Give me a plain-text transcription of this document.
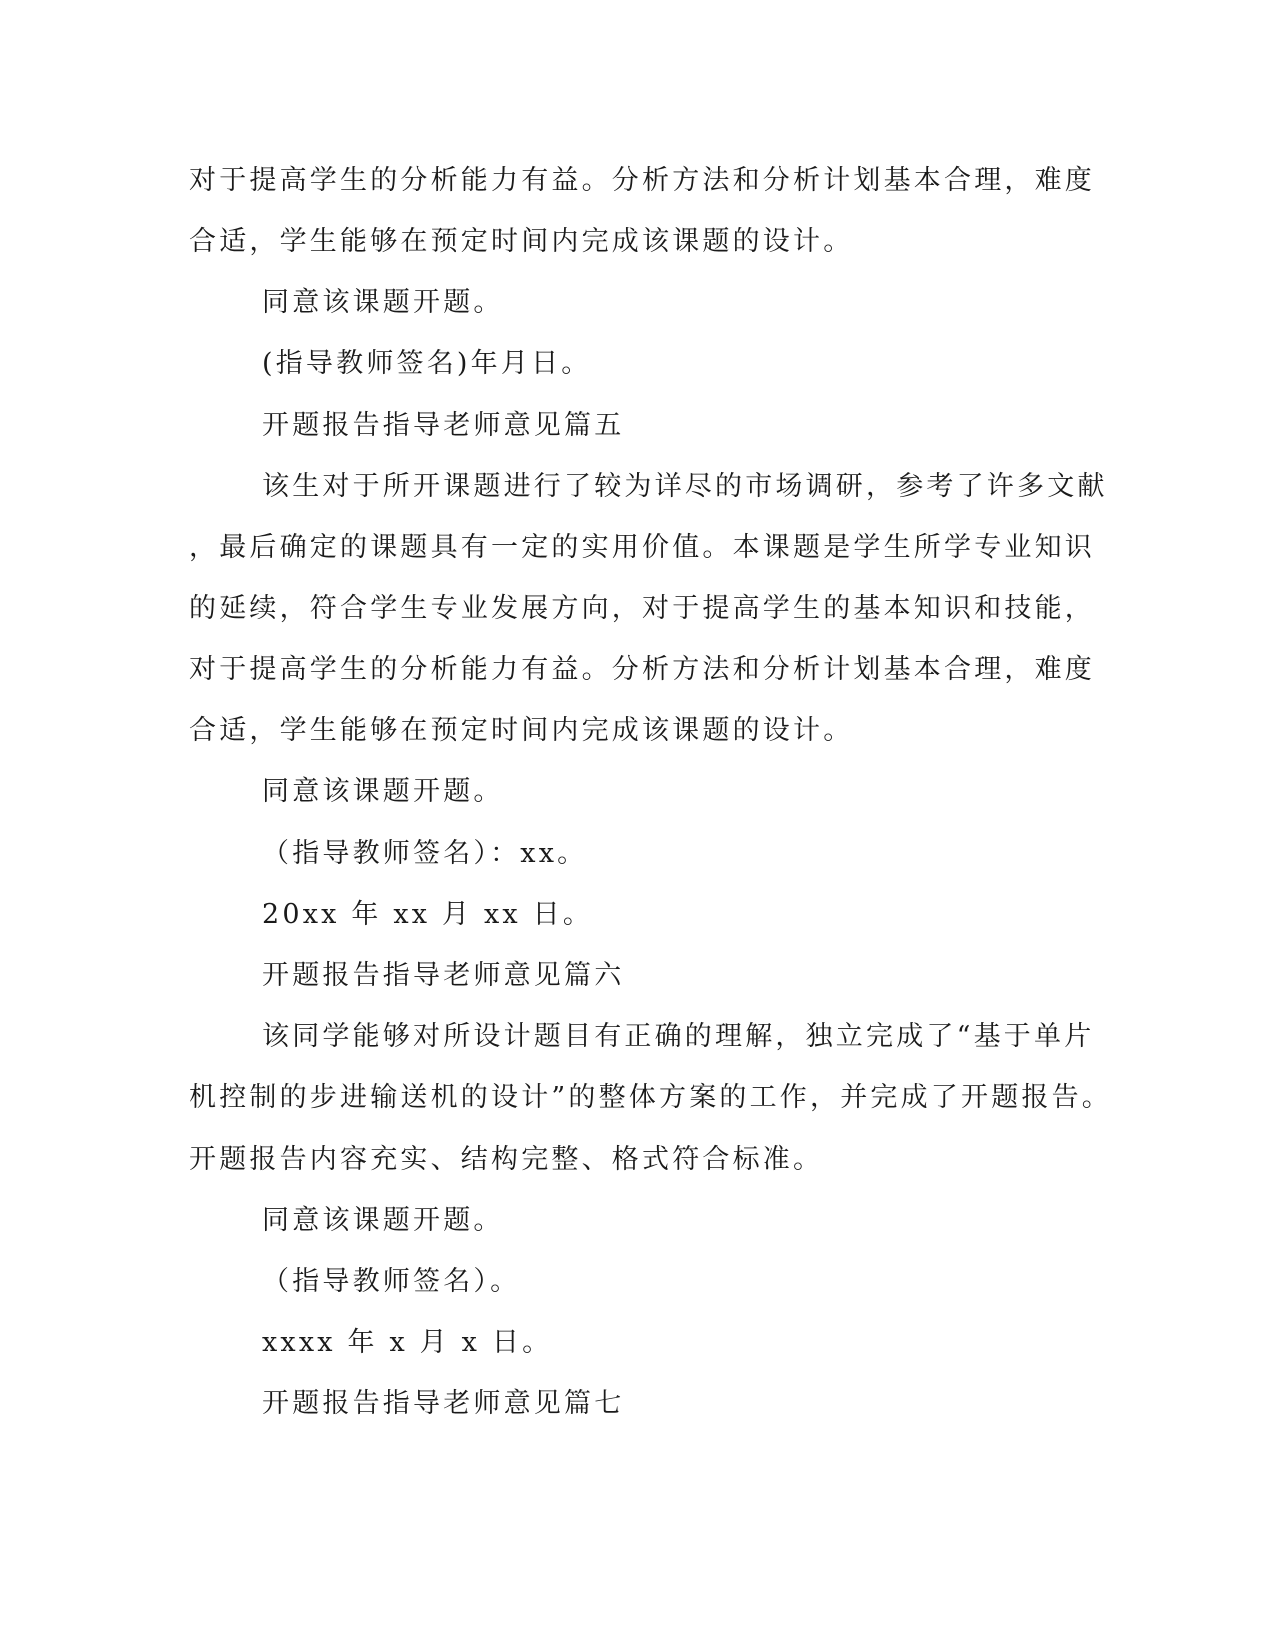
对于提高学生的分析能力有益。分析方法和分析计划基本合理，难度
合适，学生能够在预定时间内完成该课题的设计。
同意该课题开题。
(指导教师签名)年月日。
开题报告指导老师意见篇五
该生对于所开课题进行了较为详尽的市场调研，参考了许多文献
，最后确定的课题具有一定的实用价值。本课题是学生所学专业知识
的延续，符合学生专业发展方向，对于提高学生的基本知识和技能，
对于提高学生的分析能力有益。分析方法和分析计划基本合理，难度
合适，学生能够在预定时间内完成该课题的设计。
同意该课题开题。
（指导教师签名）：xx。
20xx 年 xx 月 xx 日。
开题报告指导老师意见篇六
该同学能够对所设计题目有正确的理解，独立完成了“基于单片
机控制的步进输送机的设计”的整体方案的工作，并完成了开题报告。
开题报告内容充实、结构完整、格式符合标准。
同意该课题开题。
（指导教师签名）。
xxxx 年 x 月 x 日。
开题报告指导老师意见篇七
